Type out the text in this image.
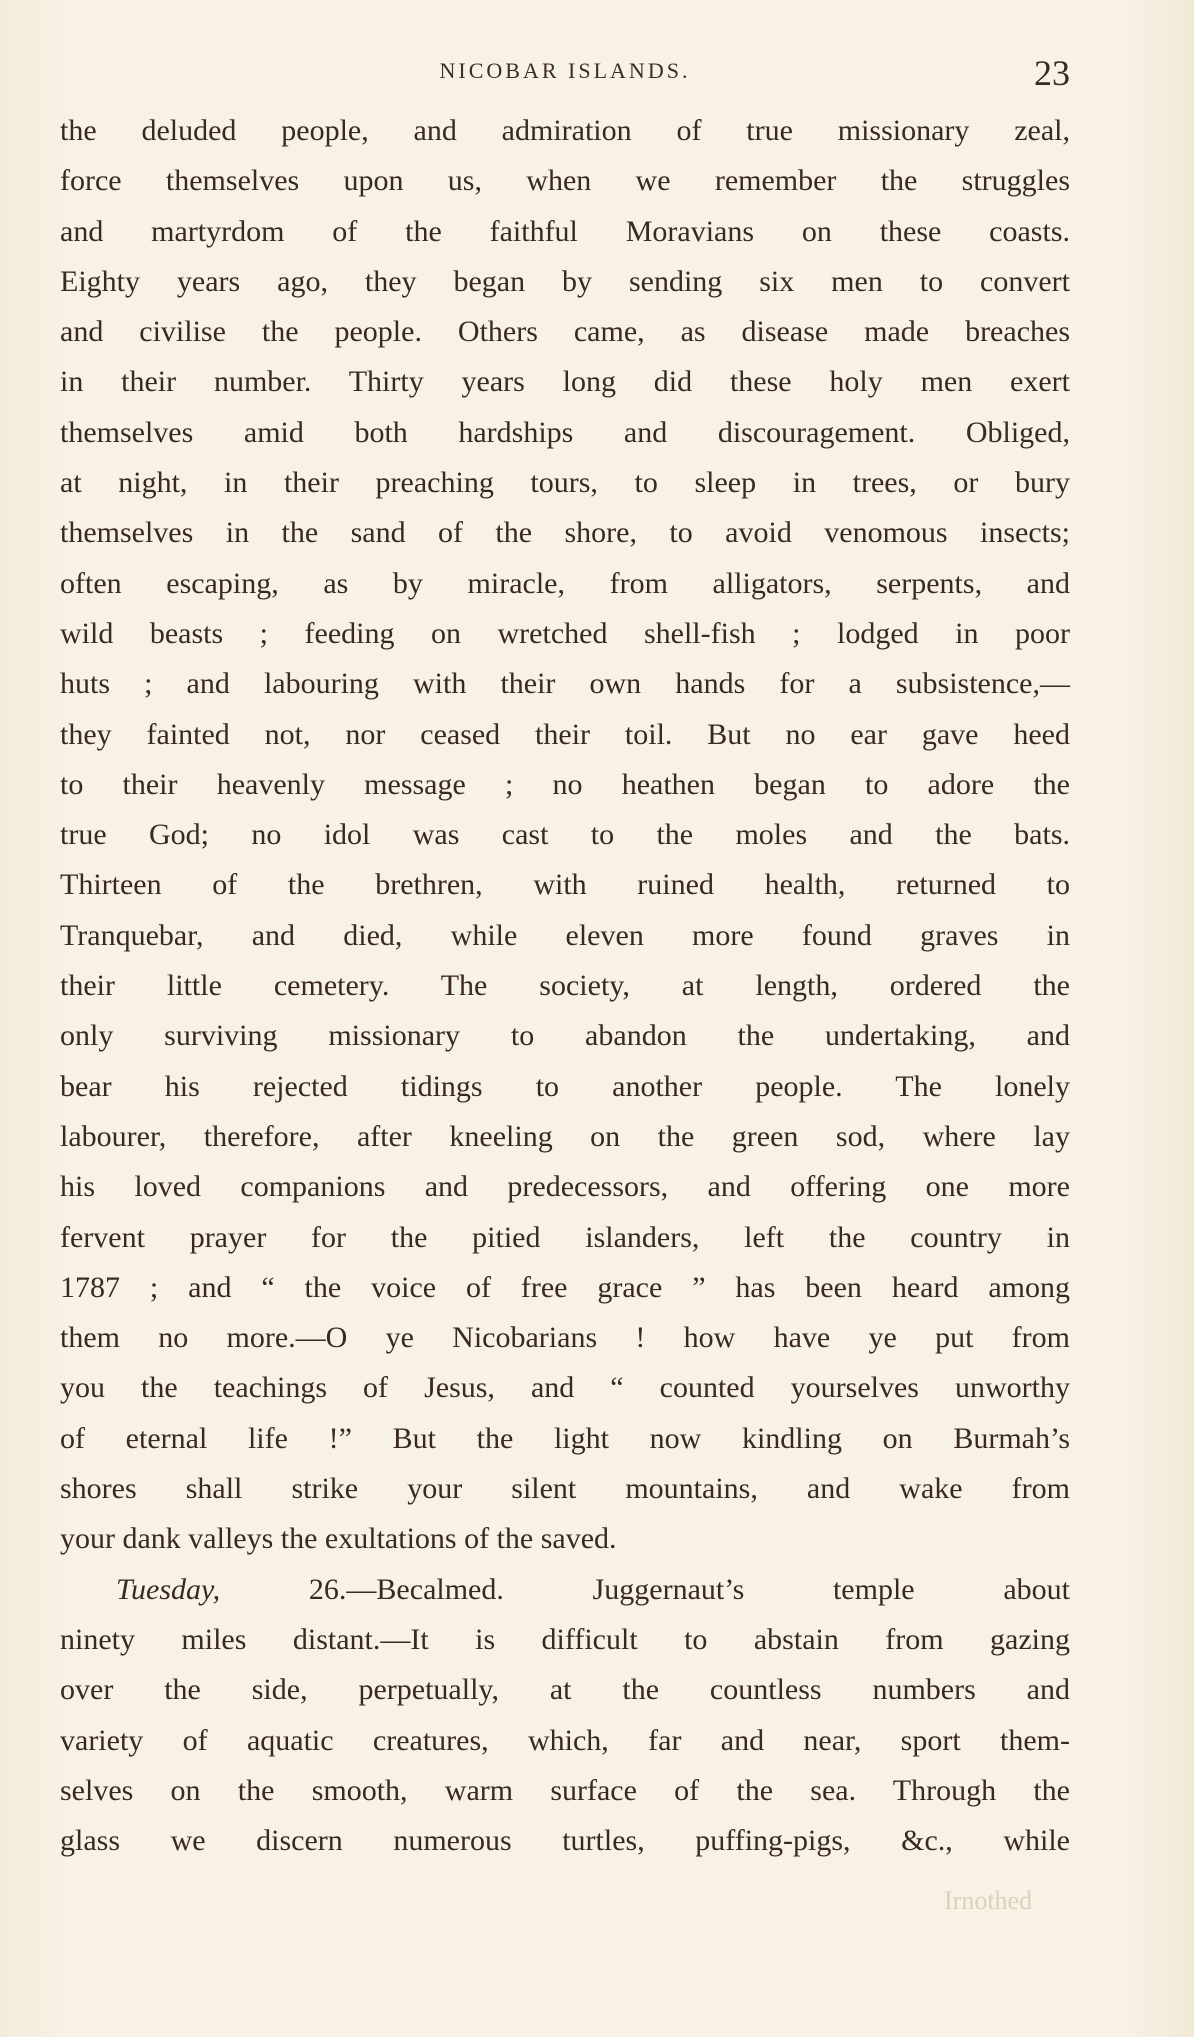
NICOBAR ISLANDS.	23
the deluded people, and admiration of true missionary zeal,
force themselves upon us, when we remember the struggles
and martyrdom of the faithful Moravians on these coasts.
Eighty years ago, they began by sending six men to convert
and civilise the people. Others came, as disease made breaches
in their number. Thirty years long did these holy men exert
themselves amid both hardships and discouragement. Obliged,
at night, in their preaching tours, to sleep in trees, or bury
themselves in the sand of the shore, to avoid venomous insects;
often escaping, as by miracle, from alligators, serpents, and
wild beasts ; feeding on wretched shell-fish ; lodged in poor
huts ; and labouring with their own hands for a subsistence,—
they fainted not, nor ceased their toil. But no ear gave heed
to their heavenly message ; no heathen began to adore the
true God; no idol was cast to the moles and the bats.
Thirteen of the brethren, with ruined health, returned to
Tranquebar, and died, while eleven more found graves in
their little cemetery. The society, at length, ordered the
only surviving missionary to abandon the undertaking, and
bear his rejected tidings to another people. The lonely
labourer, therefore, after kneeling on the green sod, where lay
his loved companions and predecessors, and offering one more
fervent prayer for the pitied islanders, left the country in
1787 ; and “ the voice of free grace ” has been heard among
them no more.—O ye Nicobarians ! how have ye put from
you the teachings of Jesus, and “ counted yourselves unworthy
of eternal life !” But the light now kindling on Burmah’s
shores shall strike your silent mountains, and wake from
your dank valleys the exultations of the saved.
Tuesday, 26.—Becalmed. Juggernaut’s temple about
ninety miles distant.—It is difficult to abstain from gazing
over the side, perpetually, at the countless numbers and
variety of aquatic creatures, which, far and near, sport them-
selves on the smooth, warm surface of the sea. Through the
glass we discern numerous turtles, puffing-pigs, &c., while
Irnothed
